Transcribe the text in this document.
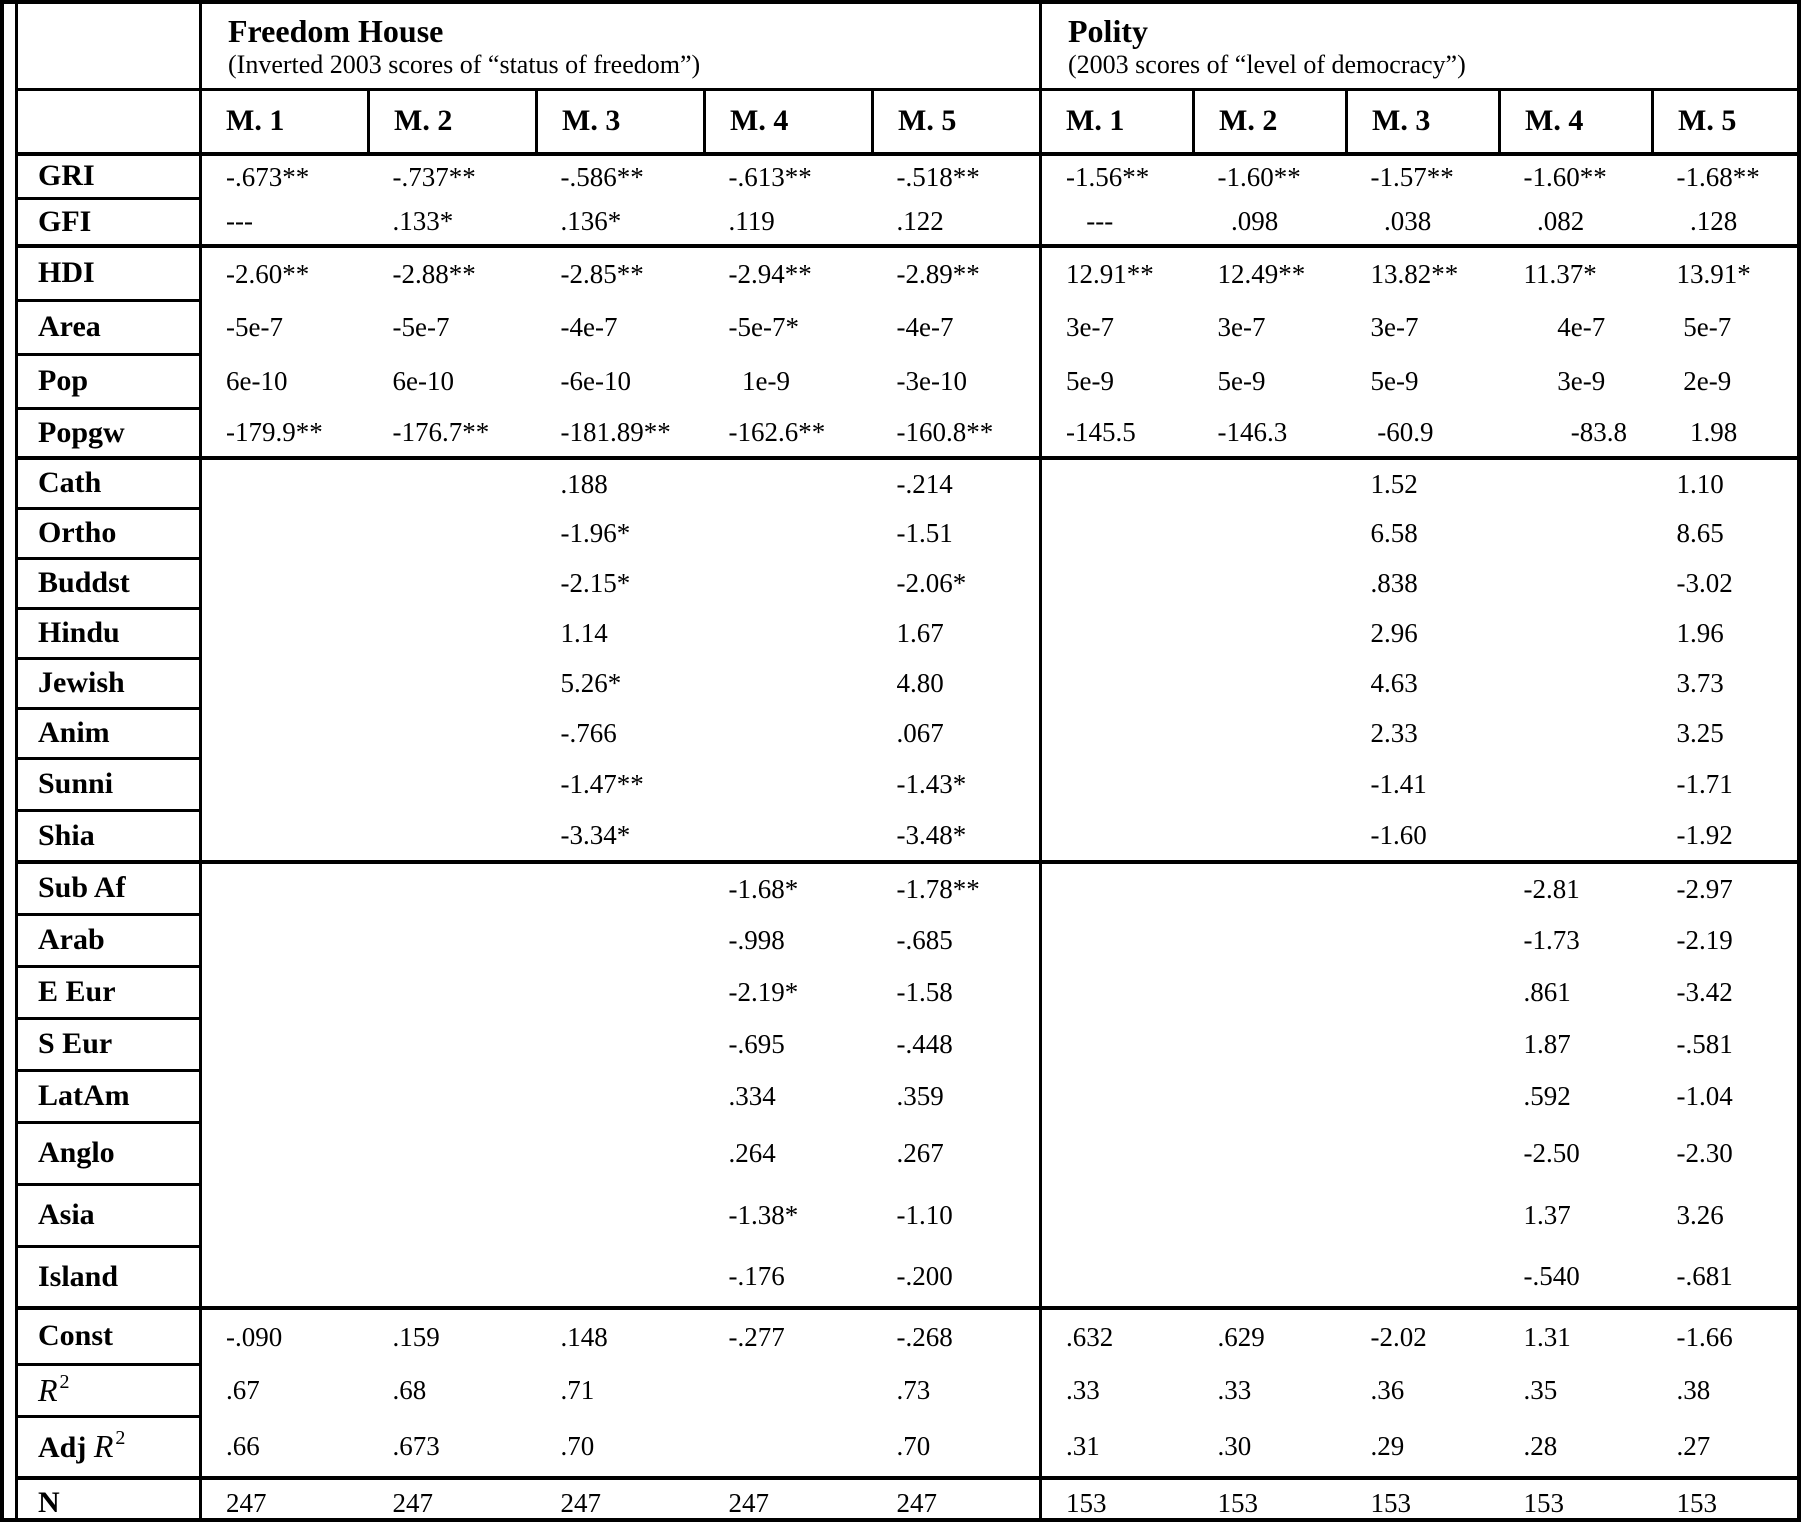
Freedom House
(Inverted 2003 scores of “status of freedom”)

Polity
(2003 scores of “level of democracy”)

	M. 1	M. 2	M. 3	M. 4	M. 5	M. 1	M. 2	M. 3	M. 4	M. 5
GRI	-.673**	-.737**	-.586**	-.613**	-.518**	-1.56**	-1.60**	-1.57**	-1.60**	-1.68**
GFI	---	.133*	.136*	.119	.122	---	.098	.038	.082	.128
HDI	-2.60**	-2.88**	-2.85**	-2.94**	-2.89**	12.91**	12.49**	13.82**	11.37*	13.91*
Area	-5e-7	-5e-7	-4e-7	-5e-7*	-4e-7	3e-7	3e-7	3e-7	4e-7	5e-7
Pop	6e-10	6e-10	-6e-10	1e-9	-3e-10	5e-9	5e-9	5e-9	3e-9	2e-9
Popgw	-179.9**	-176.7**	-181.89**	-162.6**	-160.8**	-145.5	-146.3	-60.9	-83.8	1.98
Cath			.188		-.214			1.52		1.10
Ortho			-1.96*		-1.51			6.58		8.65
Buddst			-2.15*		-2.06*			.838		-3.02
Hindu			1.14		1.67			2.96		1.96
Jewish			5.26*		4.80			4.63		3.73
Anim			-.766		.067			2.33		3.25
Sunni			-1.47**		-1.43*			-1.41		-1.71
Shia			-3.34*		-3.48*			-1.60		-1.92
Sub Af				-1.68*	-1.78**				-2.81	-2.97
Arab				-.998	-.685				-1.73	-2.19
E Eur				-2.19*	-1.58				.861	-3.42
S Eur				-.695	-.448				1.87	-.581
LatAm				.334	.359				.592	-1.04
Anglo				.264	.267				-2.50	-2.30
Asia				-1.38*	-1.10				1.37	3.26
Island				-.176	-.200				-.540	-.681
Const	-.090	.159	.148	-.277	-.268	.632	.629	-2.02	1.31	-1.66
R $^2$	.67	.68	.71		.73	.33	.33	.36	.35	.38
Adj R $^2$	.66	.673	.70		.70	.31	.30	.29	.28	.27
N	247	247	247	247	247	153	153	153	153	153
